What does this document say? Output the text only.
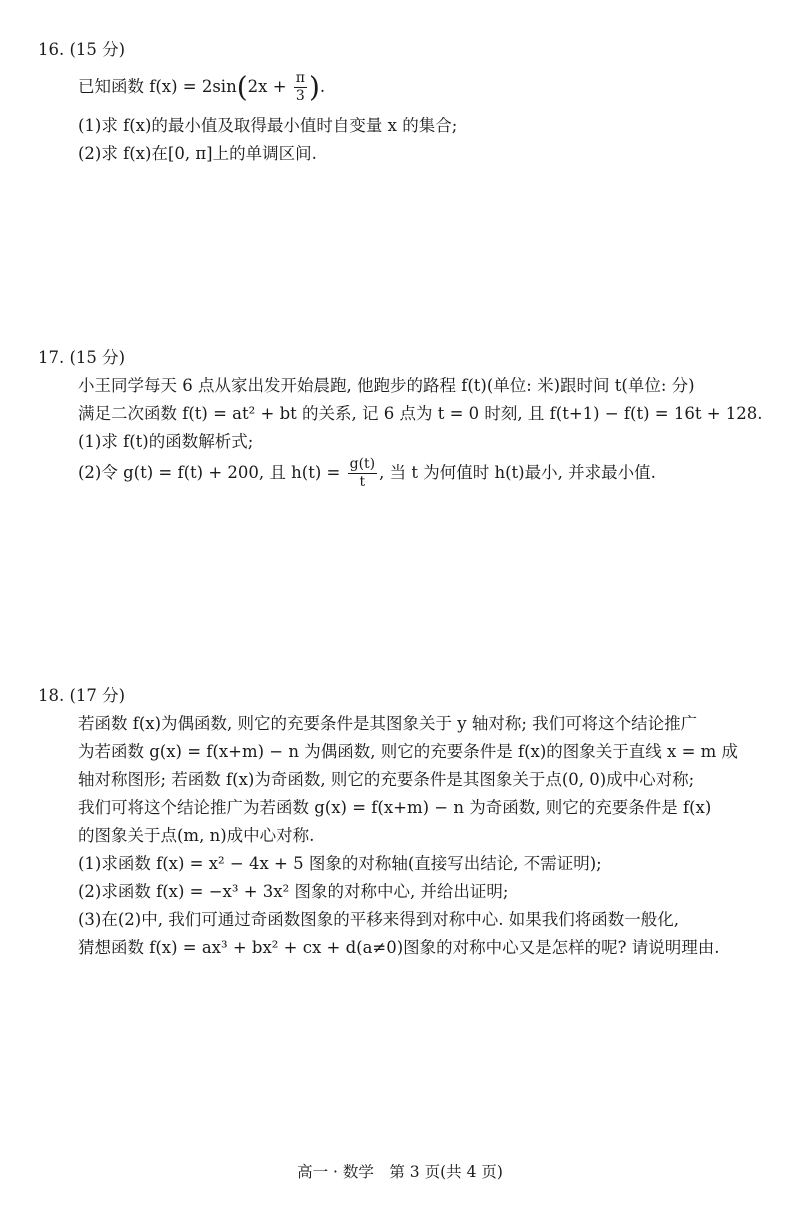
16. (15 分)
已知函数 $f(x) = 2\sin(2x + \frac{\pi}{3}$ ).
(1)求 f(x)的最小值及取得最小值时自变量 x 的集合;
(2)求 f(x)在[0, π]上的单调区间.
17. (15 分)
小王同学每天 6 点从家出发开始晨跑, 他跑步的路程 f(t)(单位: 米)跟时间 t(单位: 分)
满足二次函数 f(t) = at² + bt 的关系, 记 6 点为 t = 0 时刻, 且 f(t+1) − f(t) = 16t + 128.
(1)求 f(t)的函数解析式;
(2)令 g(t) = f(t) + 200, 且 $h(t) = \frac{g(t)}{t}$ , 当 t 为何值时 h(t)最小, 并求最小值.
18. (17 分)
若函数 f(x)为偶函数, 则它的充要条件是其图象关于 y 轴对称; 我们可将这个结论推广
为若函数 g(x) = f(x+m) − n 为偶函数, 则它的充要条件是 f(x)的图象关于直线 x = m 成
轴对称图形; 若函数 f(x)为奇函数, 则它的充要条件是其图象关于点(0, 0)成中心对称;
我们可将这个结论推广为若函数 g(x) = f(x+m) − n 为奇函数, 则它的充要条件是 f(x)
的图象关于点(m, n)成中心对称.
(1)求函数 f(x) = x² − 4x + 5 图象的对称轴(直接写出结论, 不需证明);
(2)求函数 f(x) = −x³ + 3x² 图象的对称中心, 并给出证明;
(3)在(2)中, 我们可通过奇函数图象的平移来得到对称中心. 如果我们将函数一般化,
猜想函数 f(x) = ax³ + bx² + cx + d(a≠0)图象的对称中心又是怎样的呢? 请说明理由.
高一 · 数学　第 3 页(共 4 页)
